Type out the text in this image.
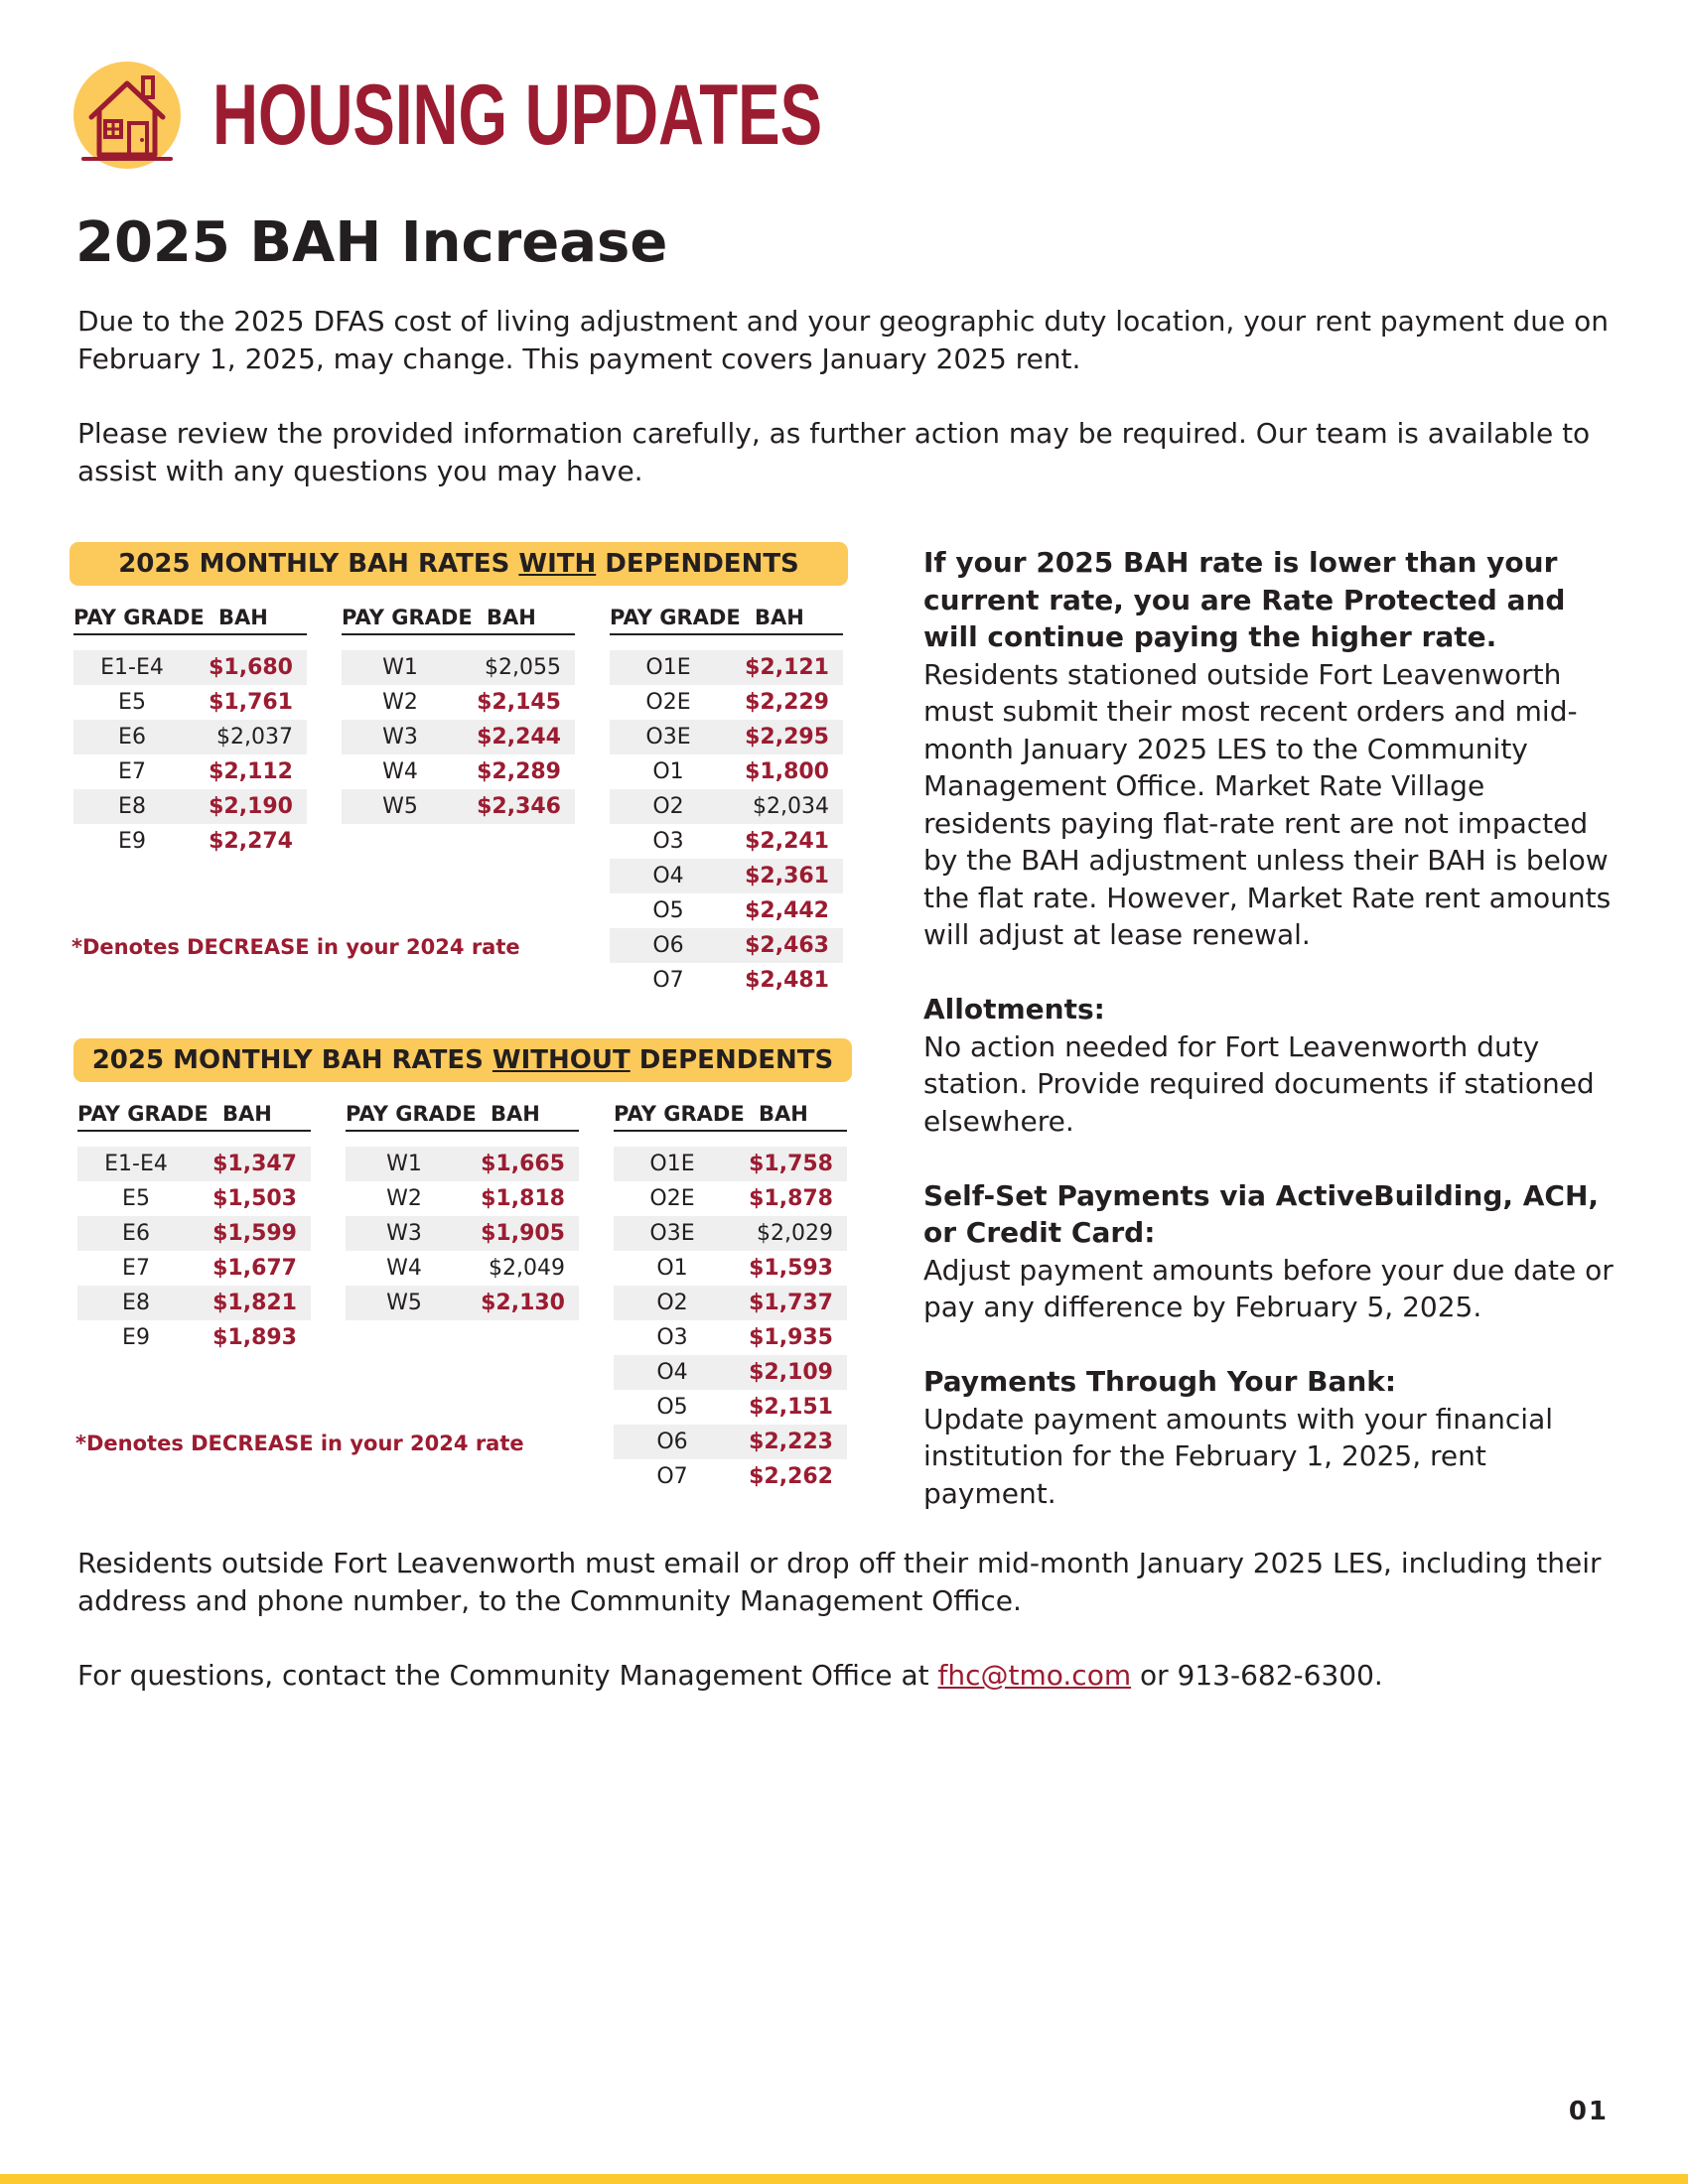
HOUSING UPDATES
2025 BAH Increase
Due to the 2025 DFAS cost of living adjustment and your geographic duty location, your rent payment due on February 1, 2025, may change. This payment covers January 2025 rent.
Please review the provided information carefully, as further action may be required. Our team is available to assist with any questions you may have.
2025 MONTHLY BAH RATES WITH DEPENDENTS
PAY GRADE BAH	PAY GRADE BAH	PAY GRADE BAH
E1-E4	$1,680
E5	$1,761
E6	$2,037
E7	$2,112
E8	$2,190
E9	$2,274
W1	$2,055
W2	$2,145
W3	$2,244
W4	$2,289
W5	$2,346
O1E	$2,121
O2E	$2,229
O3E	$2,295
O1	$1,800
O2	$2,034
O3	$2,241
O4	$2,361
O5	$2,442
O6	$2,463
O7	$2,481
*Denotes DECREASE in your 2024 rate
2025 MONTHLY BAH RATES WITHOUT DEPENDENTS
PAY GRADE BAH	PAY GRADE BAH	PAY GRADE BAH
E1-E4	$1,347
E5	$1,503
E6	$1,599
E7	$1,677
E8	$1,821
E9	$1,893
W1	$1,665
W2	$1,818
W3	$1,905
W4	$2,049
W5	$2,130
O1E	$1,758
O2E	$1,878
O3E	$2,029
O1	$1,593
O2	$1,737
O3	$1,935
O4	$2,109
O5	$2,151
O6	$2,223
O7	$2,262
*Denotes DECREASE in your 2024 rate
If your 2025 BAH rate is lower than your current rate, you are Rate Protected and will continue paying the higher rate. Residents stationed outside Fort Leavenworth must submit their most recent orders and mid-month January 2025 LES to the Community Management Office. Market Rate Village residents paying flat-rate rent are not impacted by the BAH adjustment unless their BAH is below the flat rate. However, Market Rate rent amounts will adjust at lease renewal.
Allotments:
No action needed for Fort Leavenworth duty station. Provide required documents if stationed elsewhere.
Self-Set Payments via ActiveBuilding, ACH,
or Credit Card:
Adjust payment amounts before your due date or pay any difference by February 5, 2025.
Payments Through Your Bank:
Update payment amounts with your financial institution for the February 1, 2025, rent payment.
Residents outside Fort Leavenworth must email or drop off their mid-month January 2025 LES, including their address and phone number, to the Community Management Office.
For questions, contact the Community Management Office at fhc@tmo.com or 913-682-6300.
01
